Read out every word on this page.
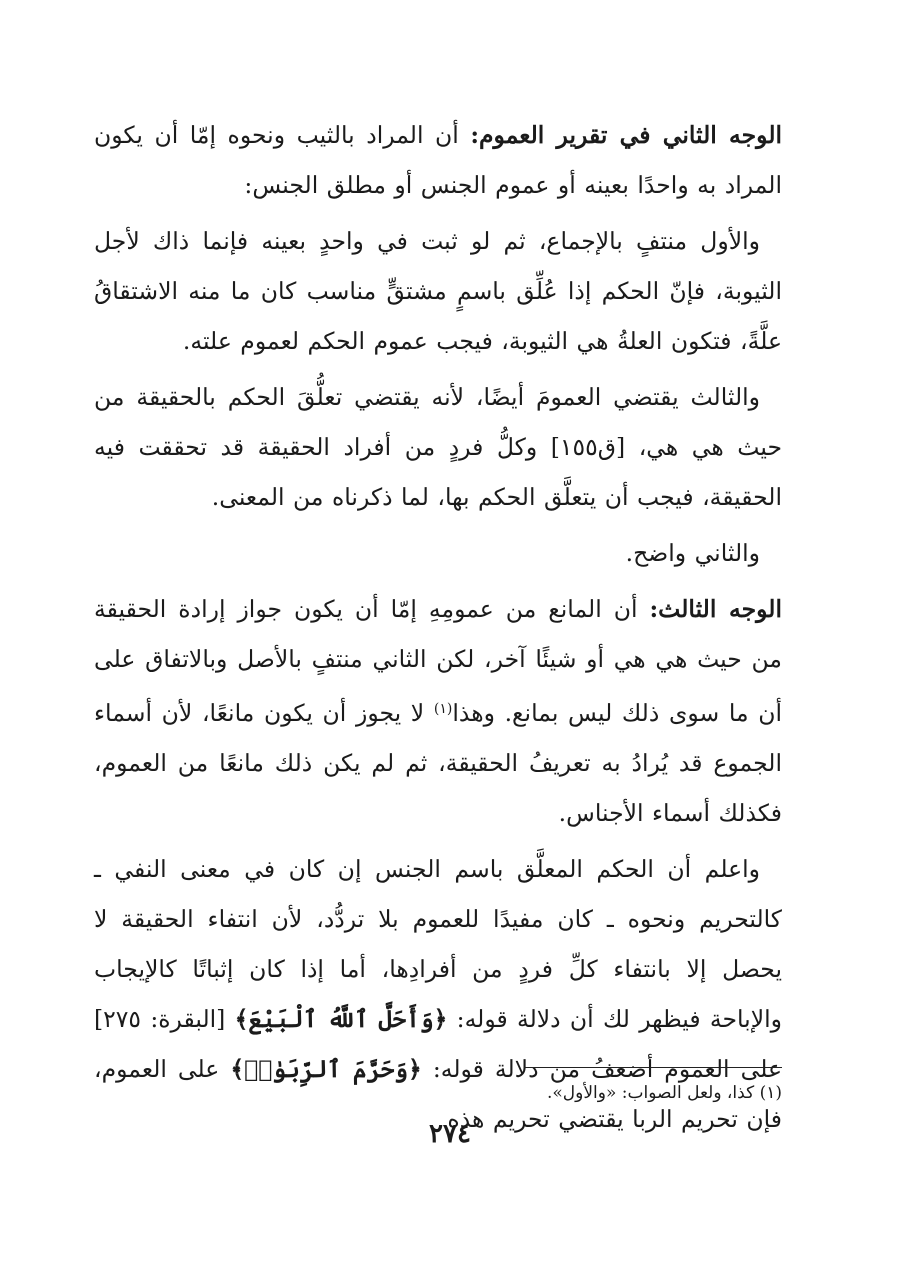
الوجه الثاني في تقرير العموم: أن المراد بالثيب ونحوه إمّا أن يكون المراد به واحدًا بعينه أو عموم الجنس أو مطلق الجنس:

والأول منتفٍ بالإجماع، ثم لو ثبت في واحدٍ بعينه فإنما ذاك لأجل الثيوبة، فإنّ الحكم إذا عُلِّق باسمٍ مشتقٍّ مناسب كان ما منه الاشتقاقُ علَّةً، فتكون العلةُ هي الثيوبة، فيجب عموم الحكم لعموم علته.

والثالث يقتضي العمومَ أيضًا، لأنه يقتضي تعلُّقَ الحكم بالحقيقة من حيث هي هي، [ق١٥٥] وكلُّ فردٍ من أفراد الحقيقة قد تحققت فيه الحقيقة، فيجب أن يتعلَّق الحكم بها، لما ذكرناه من المعنى.

والثاني واضح.

الوجه الثالث: أن المانع من عمومِهِ إمّا أن يكون جواز إرادة الحقيقة من حيث هي هي أو شيئًا آخر، لكن الثاني منتفٍ بالأصل وبالاتفاق على أن ما سوى ذلك ليس بمانع. وهذا$^{(١)}$ لا يجوز أن يكون مانعًا، لأن أسماء الجموع قد يُرادُ به تعريفُ الحقيقة، ثم لم يكن ذلك مانعًا من العموم، فكذلك أسماء الأجناس.

واعلم أن الحكم المعلَّق باسم الجنس إن كان في معنى النفي ـ كالتحريم ونحوه ـ كان مفيدًا للعموم بلا تردُّد، لأن انتفاء الحقيقة لا يحصل إلا بانتفاء كلِّ فردٍ من أفرادِها، أما إذا كان إثباتًا كالإيجاب والإباحة فيظهر لك أن دلالة قوله: ﴿وَأَحَلَّ ٱللَّهُ ٱلْبَيْعَ﴾ [البقرة: ٢٧٥] على العموم أضعفُ من دلالة قوله: ﴿وَحَرَّمَ ٱلرِّبَوٰا۟﴾ على العموم، فإن تحريم الربا يقتضي تحريم هذه

(١) كذا، ولعل الصواب: «والأول».
٢٧٤
